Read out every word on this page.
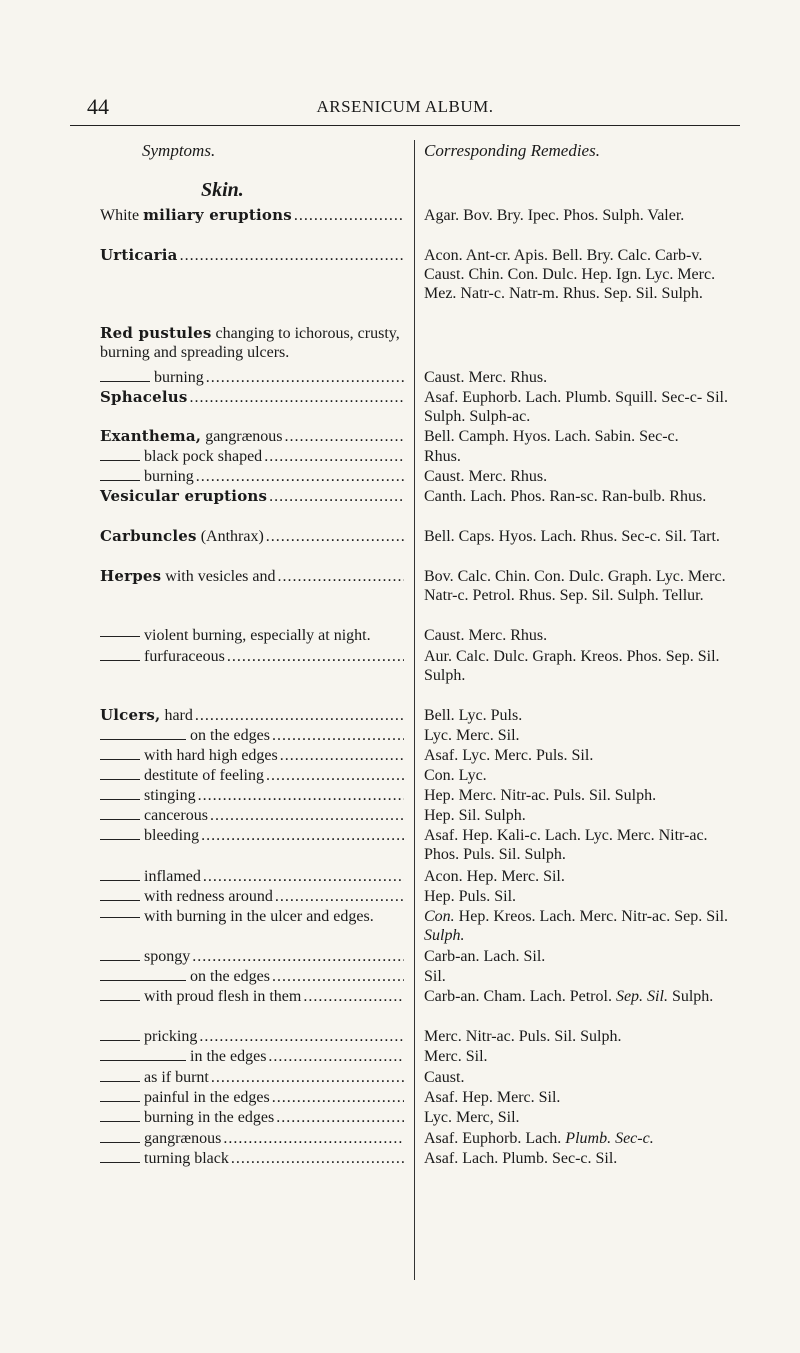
44	ARSENICUM ALBUM.
Symptoms.	Corresponding Remedies.
Skin.
White miliary eruptions .....	Agar. Bov. Bry. Ipec. Phos. Sulph. Valer.
Urticaria .....	Acon. Ant-cr. Apis. Bell. Bry. Calc. Carb-v. Caust. Chin. Con. Dulc. Hep. Ign. Lyc. Merc. Mez. Natr-c. Natr-m. Rhus. Sep. Sil. Sulph.
Red pustules changing to ichorous, crusty, burning and spreading ulcers.
burning .....	Caust. Merc. Rhus.
Sphacelus .....	Asaf. Euphorb. Lach. Plumb. Squill. Sec-c- Sil. Sulph. Sulph-ac.
Exanthema, gangrænous .....	Bell. Camph. Hyos. Lach. Sabin. Sec-c.
black pock shaped .....	Rhus.
burning .....	Caust. Merc. Rhus.
Vesicular eruptions .....	Canth. Lach. Phos. Ran-sc. Ran-bulb. Rhus.
Carbuncles (Anthrax) .....	Bell. Caps. Hyos. Lach. Rhus. Sec-c. Sil. Tart.
Herpes with vesicles and .....	Bov. Calc. Chin. Con. Dulc. Graph. Lyc. Merc. Natr-c. Petrol. Rhus. Sep. Sil. Sulph. Tellur.
violent burning, especially at night.	Caust. Merc. Rhus.
furfuraceous .....	Aur. Calc. Dulc. Graph. Kreos. Phos. Sep. Sil. Sulph.
Ulcers, hard .....	Bell. Lyc. Puls.
on the edges .....	Lyc. Merc. Sil.
with hard high edges .....	Asaf. Lyc. Merc. Puls. Sil.
destitute of feeling .....	Con. Lyc.
stinging .....	Hep. Merc. Nitr-ac. Puls. Sil. Sulph.
cancerous .....	Hep. Sil. Sulph.
bleeding .....	Asaf. Hep. Kali-c. Lach. Lyc. Merc. Nitr-ac. Phos. Puls. Sil. Sulph.
inflamed .....	Acon. Hep. Merc. Sil.
with redness around .....	Hep. Puls. Sil.
with burning in the ulcer and edges.	Con. Hep. Kreos. Lach. Merc. Nitr-ac. Sep. Sil. Sulph.
spongy .....	Carb-an. Lach. Sil.
on the edges .....	Sil.
with proud flesh in them .....	Carb-an. Cham. Lach. Petrol. Sep. Sil. Sulph.
pricking .....	Merc. Nitr-ac. Puls. Sil. Sulph.
in the edges .....	Merc. Sil.
as if burnt .....	Caust.
painful in the edges .....	Asaf. Hep. Merc. Sil.
burning in the edges .....	Lyc. Merc, Sil.
gangrænous .....	Asaf. Euphorb. Lach. Plumb. Sec-c.
turning black .....	Asaf. Lach. Plumb. Sec-c. Sil.
